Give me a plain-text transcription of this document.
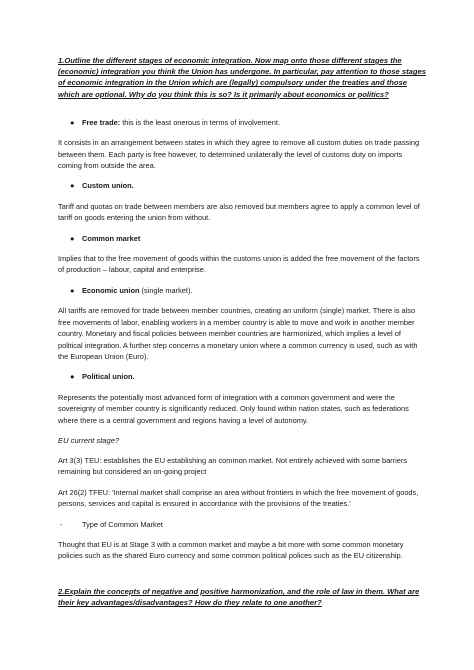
1.Outline the different stages of economic integration. Now map onto those different stages the (economic) integration you think the Union has undergone. In particular, pay attention to those stages of economic integration in the Union which are (legally) compulsory under the treaties and those which are optional. Why do you think this is so? Is it primarily about economics or politics?

● Free trade: this is the least onerous in terms of involvement.

It consists in an arrangement between states in which they agree to remove all custom duties on trade passing between them. Each party is free however, to determined unilaterally the level of customs duty on imports coming from outside the area.

● Custom union.

Tariff and quotas on trade between members are also removed but members agree to apply a common level of tariff on goods entering the union from without.

● Common market

Implies that to the free movement of goods within the customs union is added the free movement of the factors of production – labour, capital and enterprise.

● Economic union (single market).

All tariffs are removed for trade between member countries, creating an uniform (single) market. There is also free movements of labor, enabling workers in a member country is able to move and work in another member country. Monetary and fiscal policies between member countries are harmonized, which implies a level of political integration. A further step concerns a monetary union where a common currency is used, such as with the European Union (Euro).

● Political union.

Represents the potentially most advanced form of integration with a common government and were the sovereignty of member country is significantly reduced. Only found within nation states, such as federations where there is a central government and regions having a level of autonomy.

EU current stage?

Art 3(3) TEU: establishes the EU establishing an common market. Not entirely achieved with some barriers remaining but considered an on-going project

Art 26(2) TFEU: 'Internal market shall comprise an area without frontiers in which the free movement of goods, persons, services and capital is ensured in accordance with the provisions of the treaties.'

-	Type of Common Market

Thought that EU is at Stage 3 with a common market and maybe a bit more with some common monetary policies such as the shared Euro currency and some common political polices such as the EU citizenship.

2.Explain the concepts of negative and positive harmonization, and the role of law in them. What are their key advantages/disadvantages? How do they relate to one another?
